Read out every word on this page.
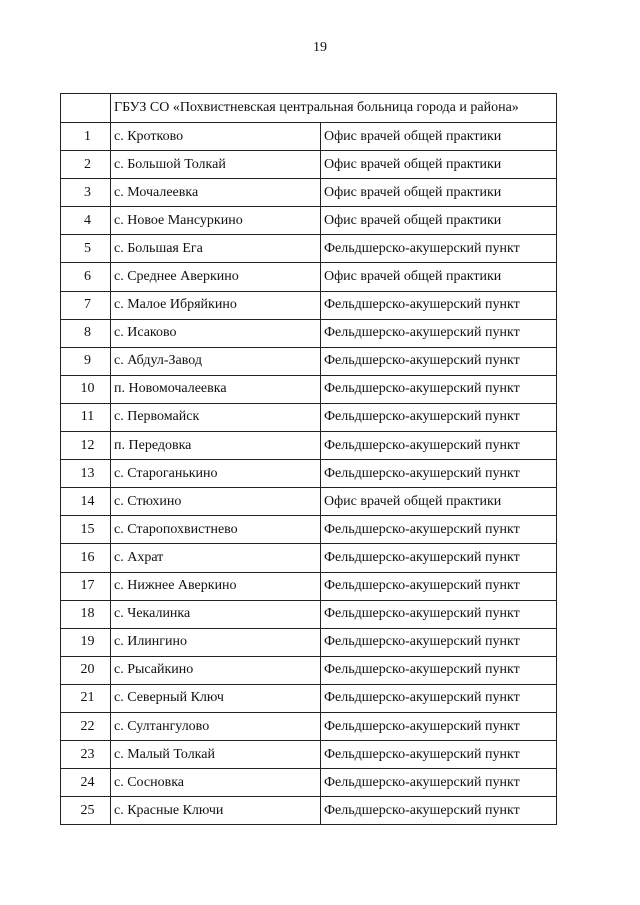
19
	ГБУЗ СО «Похвистневская центральная больница города и района»	
1	с. Кротково	Офис врачей общей практики
2	с. Большой Толкай	Офис врачей общей практики
3	с. Мочалеевка	Офис врачей общей практики
4	с. Новое Мансуркино	Офис врачей общей практики
5	с. Большая Ега	Фельдшерско-акушерский пункт
6	с. Среднее Аверкино	Офис врачей общей практики
7	с. Малое Ибряйкино	Фельдшерско-акушерский пункт
8	с. Исаково	Фельдшерско-акушерский пункт
9	с. Абдул-Завод	Фельдшерско-акушерский пункт
10	п. Новомочалеевка	Фельдшерско-акушерский пункт
11	с. Первомайск	Фельдшерско-акушерский пункт
12	п. Передовка	Фельдшерско-акушерский пункт
13	с. Староганькино	Фельдшерско-акушерский пункт
14	с. Стюхино	Офис врачей общей практики
15	с. Старопохвистнево	Фельдшерско-акушерский пункт
16	с. Ахрат	Фельдшерско-акушерский пункт
17	с. Нижнее Аверкино	Фельдшерско-акушерский пункт
18	с. Чекалинка	Фельдшерско-акушерский пункт
19	с. Илингино	Фельдшерско-акушерский пункт
20	с. Рысайкино	Фельдшерско-акушерский пункт
21	с. Северный Ключ	Фельдшерско-акушерский пункт
22	с. Султангулово	Фельдшерско-акушерский пункт
23	с. Малый Толкай	Фельдшерско-акушерский пункт
24	с. Сосновка	Фельдшерско-акушерский пункт
25	с. Красные Ключи	Фельдшерско-акушерский пункт
